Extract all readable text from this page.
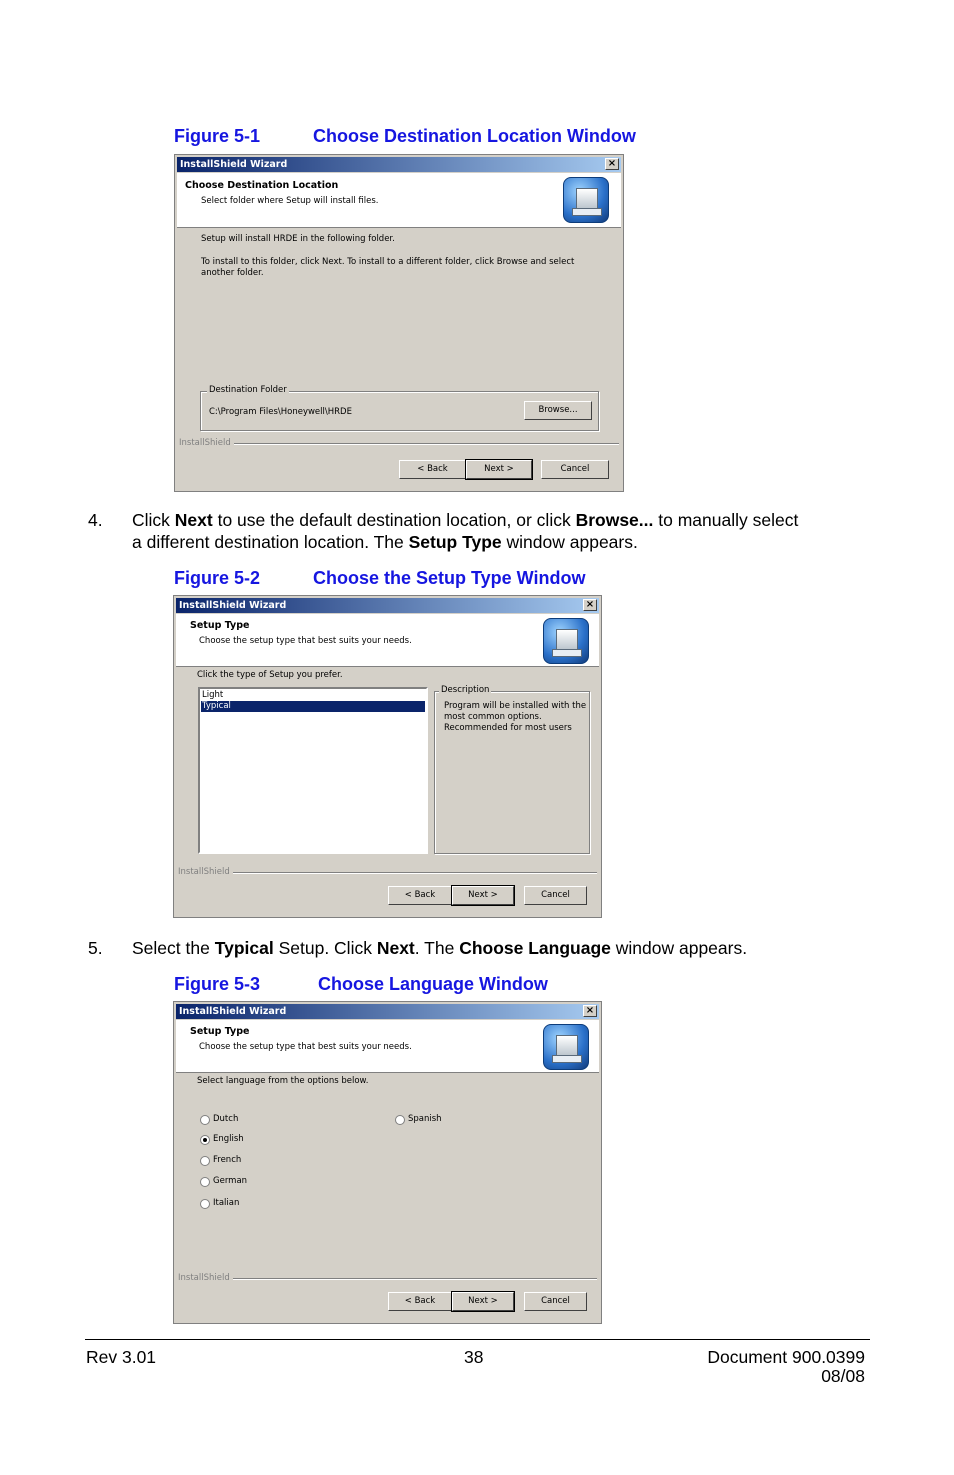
Figure 5-1	Choose Destination Location Window
InstallShield Wizard	×
Choose Destination Location
Select folder where Setup will install files.
Setup will install HRDE in the following folder.
To install to this folder, click Next. To install to a different folder, click Browse and select
another folder.
Destination Folder
C:\Program Files\Honeywell\HRDE	Browse...
InstallShield
< Back	Next >	Cancel
4. Click Next to use the default destination location, or click Browse... to manually select
a different destination location. The Setup Type window appears.
Figure 5-2	Choose the Setup Type Window
InstallShield Wizard	×
Setup Type
Choose the setup type that best suits your needs.
Click the type of Setup you prefer.
Light
Typical
Description
Program will be installed with the
most common options.
Recommended for most users
InstallShield
< Back	Next >	Cancel
5. Select the Typical Setup. Click Next. The Choose Language window appears.
Figure 5-3	Choose Language Window
InstallShield Wizard	×
Setup Type
Choose the setup type that best suits your needs.
Select language from the options below.
Dutch
English
French
German
Italian
Spanish
InstallShield
< Back	Next >	Cancel
Rev 3.01	38	Document 900.0399
08/08
